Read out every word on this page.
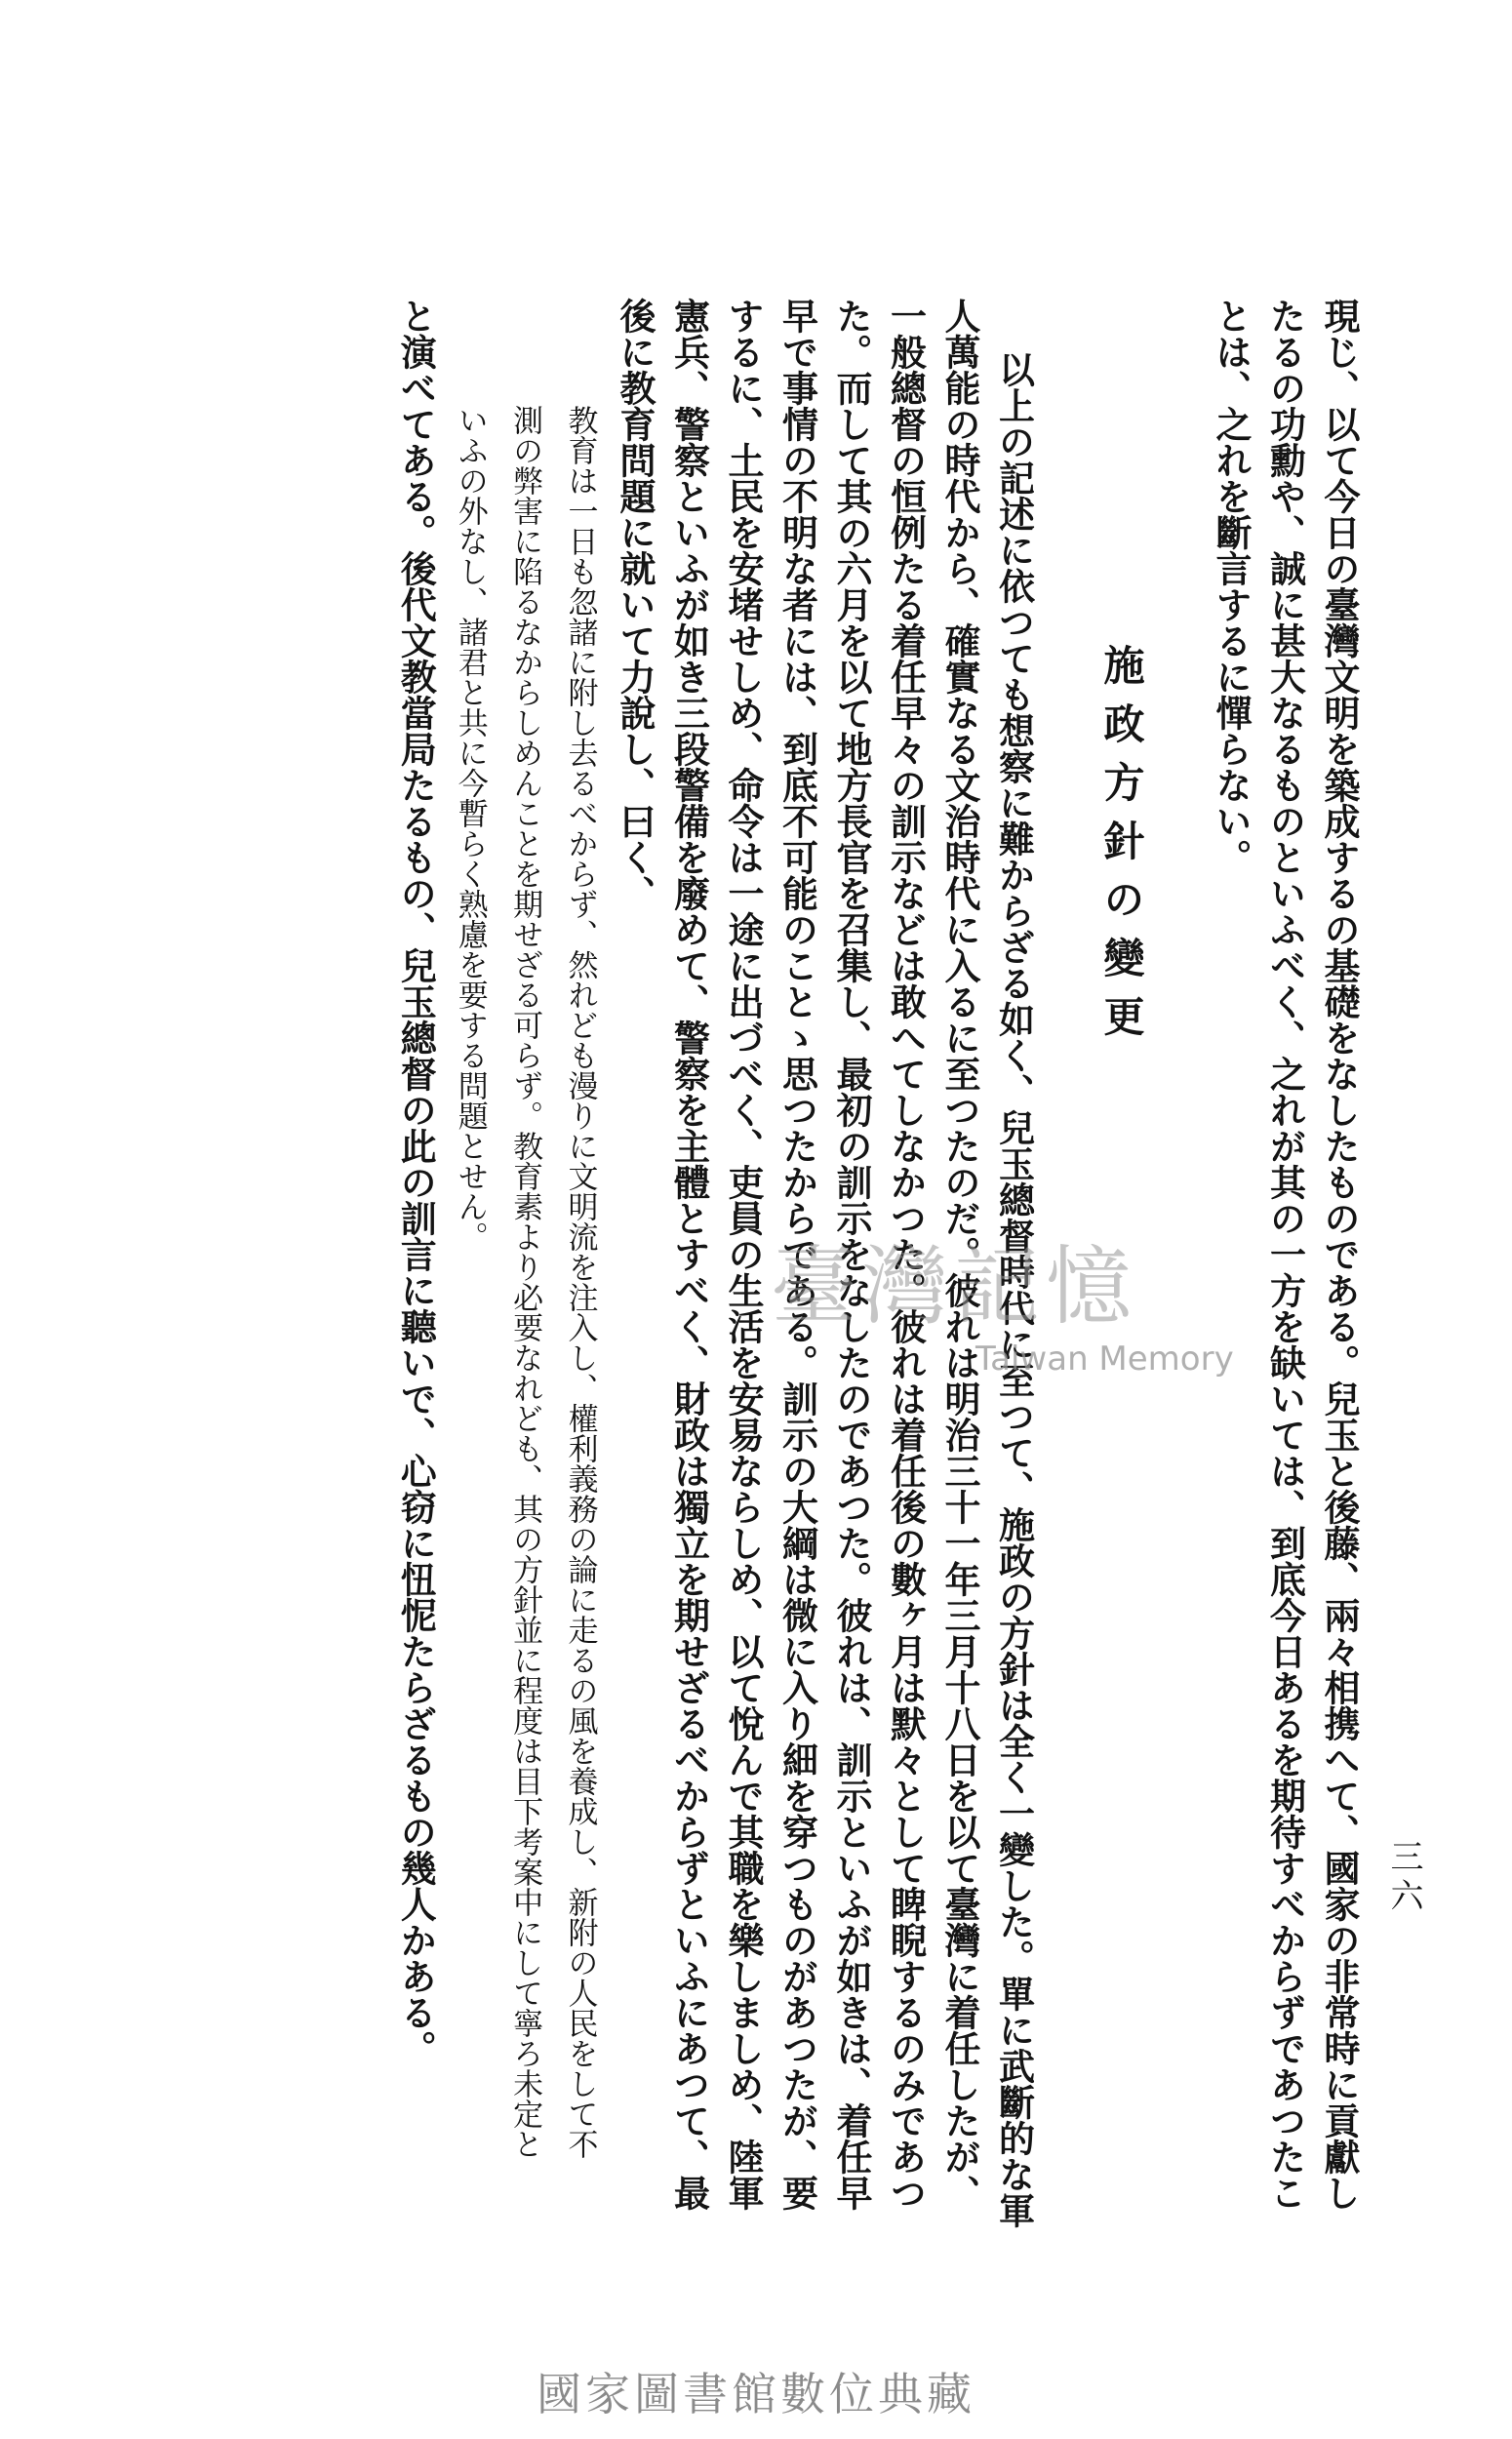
三六

現じ、以て今日の臺灣文明を築成するの基礎をなしたものである。兒玉と後藤、兩々相携へて、國家の非常時に貢獻し

たるの功勳や、誠に甚大なるものといふべく、之れが其の一方を缺いては、到底今日あるを期待すべからずであつたこ

とは、之れを斷言するに憚らない。

施政方針の變更

以上の記述に依つても想察に難からざる如く、兒玉總督時代に至つて、施政の方針は全く一變した。單に武斷的な軍

人萬能の時代から、確實なる文治時代に入るに至つたのだ。彼れは明治三十一年三月十八日を以て臺灣に着任したが、

一般總督の恒例たる着任早々の訓示などは敢へてしなかつた。彼れは着任後の數ヶ月は默々として睥睨するのみであつ

た。而して其の六月を以て地方長官を召集し、最初の訓示をなしたのであつた。彼れは、訓示といふが如きは、着任早

早で事情の不明な者には、到底不可能のことゝ思つたからである。訓示の大綱は微に入り細を穿つものがあつたが、要

するに、土民を安堵せしめ、命令は一途に出づべく、吏員の生活を安易ならしめ、以て悅んで其職を樂しましめ、陸軍

憲兵、警察といふが如き三段警備を廢めて、警察を主體とすべく、財政は獨立を期せざるべからずといふにあつて、最

後に教育問題に就いて力說し、曰く、

教育は一日も忽諸に附し去るべからず、然れども漫りに文明流を注入し、權利義務の論に走るの風を養成し、新附の人民をして不

測の弊害に陷るなからしめんことを期せざる可らず。教育素より必要なれども、其の方針並に程度は目下考案中にして寧ろ未定と

いふの外なし、諸君と共に今暫らく熟慮を要する問題とせん。

と演べてある。後代文教當局たるもの、兒玉總督の此の訓言に聽いで、心窃に忸怩たらざるもの幾人かある。	臺灣記憶
Taiwan Memory
國家圖書館數位典藏
